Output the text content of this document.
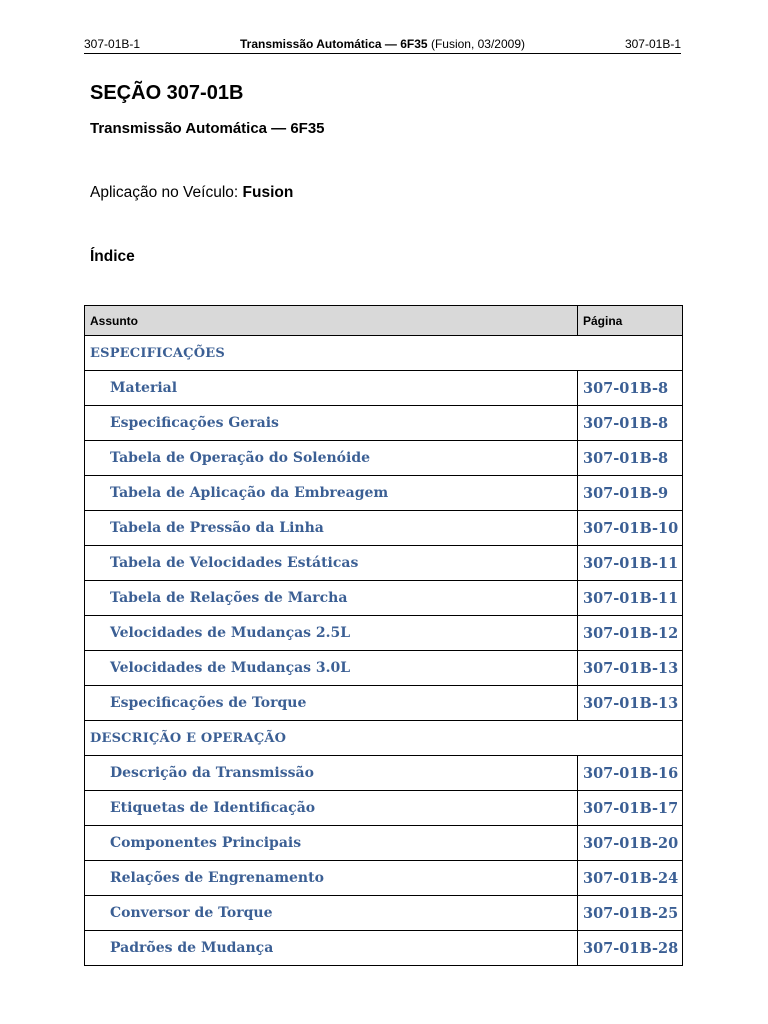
307-01B-1	Transmissão Automática — 6F35 (Fusion, 03/2009)	307-01B-1
SEÇÃO 307-01B
Transmissão Automática — 6F35

Aplicação no Veículo: Fusion

Índice
Assunto	Página
ESPECIFICAÇÕES	
Material	307-01B-8
Especificações Gerais	307-01B-8
Tabela de Operação do Solenóide	307-01B-8
Tabela de Aplicação da Embreagem	307-01B-9
Tabela de Pressão da Linha	307-01B-10
Tabela de Velocidades Estáticas	307-01B-11
Tabela de Relações de Marcha	307-01B-11
Velocidades de Mudanças 2.5L	307-01B-12
Velocidades de Mudanças 3.0L	307-01B-13
Especificações de Torque	307-01B-13
DESCRIÇÃO E OPERAÇÃO	
Descrição da Transmissão	307-01B-16
Etiquetas de Identificação	307-01B-17
Componentes Principais	307-01B-20
Relações de Engrenamento	307-01B-24
Conversor de Torque	307-01B-25
Padrões de Mudança	307-01B-28
